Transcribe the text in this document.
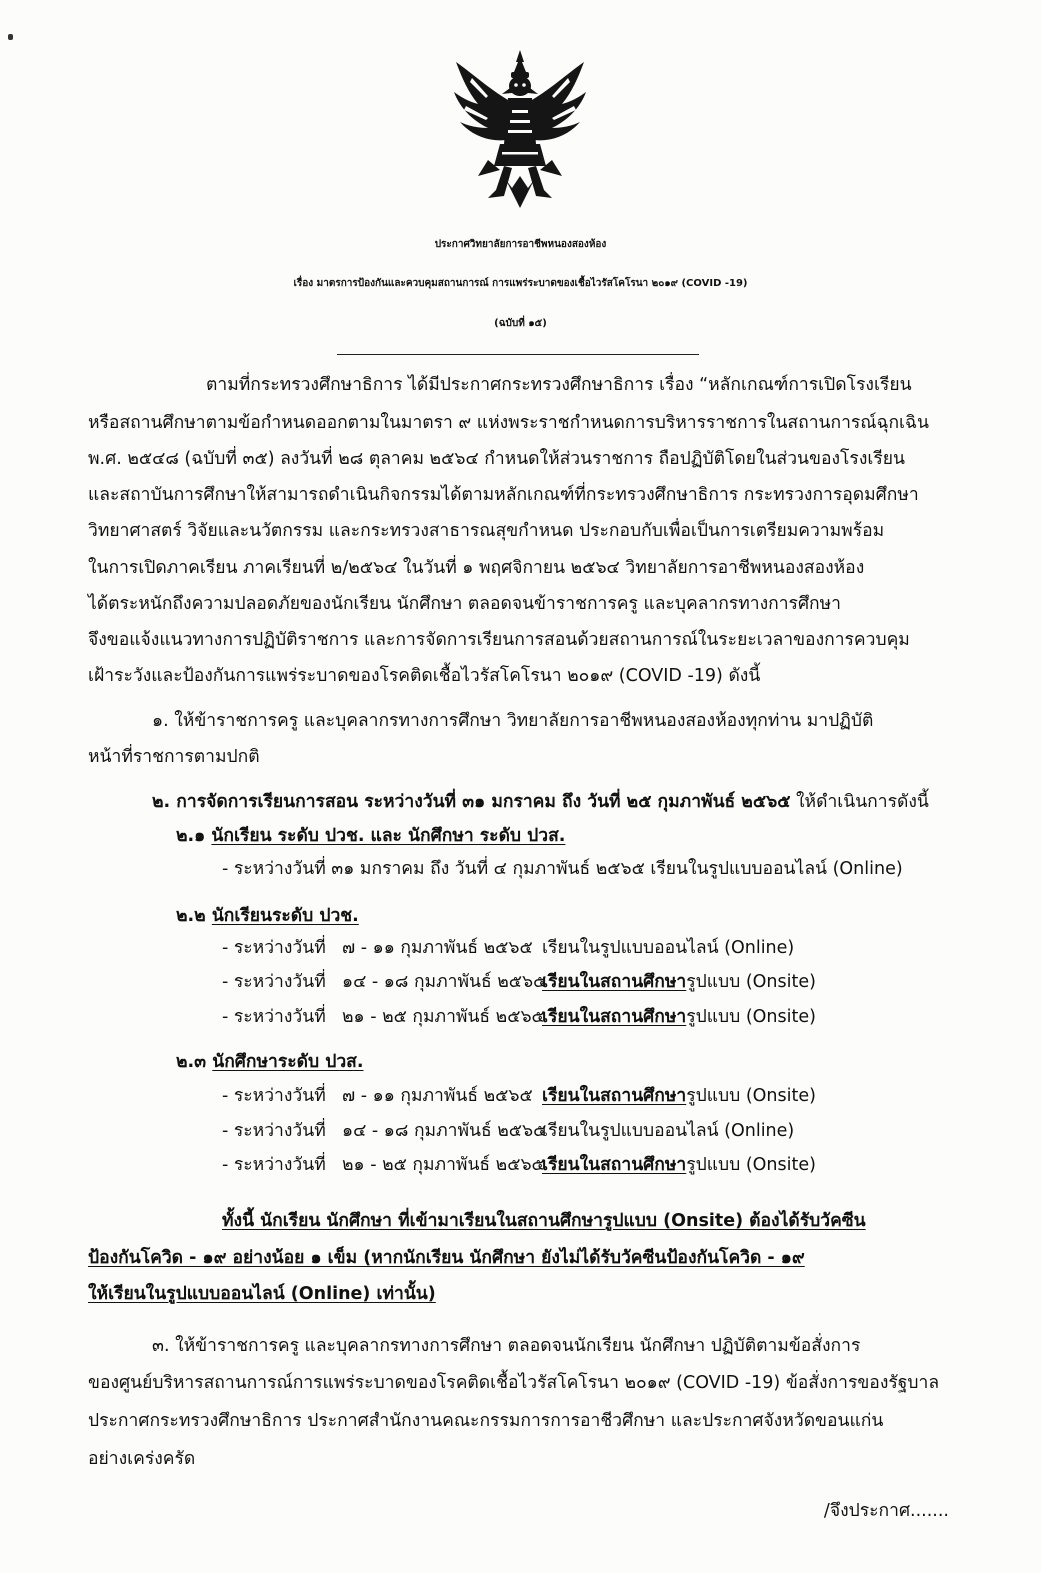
ประกาศวิทยาลัยการอาชีพหนองสองห้อง
เรื่อง มาตรการป้องกันและควบคุมสถานการณ์ การแพร่ระบาดของเชื้อไวรัสโคโรนา ๒๐๑๙ (COVID -19)
(ฉบับที่ ๑๕)
ตามที่กระทรวงศึกษาธิการ ได้มีประกาศกระทรวงศึกษาธิการ เรื่อง “หลักเกณฑ์การเปิดโรงเรียน
หรือสถานศึกษาตามข้อกำหนดออกตามในมาตรา ๙ แห่งพระราชกำหนดการบริหารราชการในสถานการณ์ฉุกเฉิน
พ.ศ. ๒๕๔๘ (ฉบับที่ ๓๕) ลงวันที่ ๒๘ ตุลาคม ๒๕๖๔ กำหนดให้ส่วนราชการ ถือปฏิบัติโดยในส่วนของโรงเรียน
และสถาบันการศึกษาให้สามารถดำเนินกิจกรรมได้ตามหลักเกณฑ์ที่กระทรวงศึกษาธิการ กระทรวงการอุดมศึกษา
วิทยาศาสตร์ วิจัยและนวัตกรรม และกระทรวงสาธารณสุขกำหนด ประกอบกับเพื่อเป็นการเตรียมความพร้อม
ในการเปิดภาคเรียน ภาคเรียนที่ ๒/๒๕๖๔ ในวันที่ ๑ พฤศจิกายน ๒๕๖๔ วิทยาลัยการอาชีพหนองสองห้อง
ได้ตระหนักถึงความปลอดภัยของนักเรียน นักศึกษา ตลอดจนข้าราชการครู และบุคลากรทางการศึกษา
จึงขอแจ้งแนวทางการปฏิบัติราชการ และการจัดการเรียนการสอนด้วยสถานการณ์ในระยะเวลาของการควบคุม
เฝ้าระวังและป้องกันการแพร่ระบาดของโรคติดเชื้อไวรัสโคโรนา ๒๐๑๙ (COVID -19) ดังนี้
๑. ให้ข้าราชการครู และบุคลากรทางการศึกษา วิทยาลัยการอาชีพหนองสองห้องทุกท่าน มาปฏิบัติ
หน้าที่ราชการตามปกติ
๒. การจัดการเรียนการสอน ระหว่างวันที่ ๓๑ มกราคม ถึง วันที่ ๒๕ กุมภาพันธ์ ๒๕๖๕ ให้ดำเนินการดังนี้
๒.๑ นักเรียน ระดับ ปวช. และ นักศึกษา ระดับ ปวส.
- ระหว่างวันที่ ๓๑ มกราคม ถึง วันที่ ๔ กุมภาพันธ์ ๒๕๖๕ เรียนในรูปแบบออนไลน์ (Online)
๒.๒ นักเรียนระดับ ปวช.
- ระหว่างวันที่ ๗ - ๑๑ กุมภาพันธ์ ๒๕๖๕ เรียนในรูปแบบออนไลน์ (Online)
- ระหว่างวันที่ ๑๔ - ๑๘ กุมภาพันธ์ ๒๕๖๕เรียนในสถานศึกษารูปแบบ (Onsite)
- ระหว่างวันที่ ๒๑ - ๒๕ กุมภาพันธ์ ๒๕๖๕เรียนในสถานศึกษารูปแบบ (Onsite)
๒.๓ นักศึกษาระดับ ปวส.
- ระหว่างวันที่ ๗ - ๑๑ กุมภาพันธ์ ๒๕๖๕ เรียนในสถานศึกษารูปแบบ (Onsite)
- ระหว่างวันที่ ๑๔ - ๑๘ กุมภาพันธ์ ๒๕๖๕เรียนในรูปแบบออนไลน์ (Online)
- ระหว่างวันที่ ๒๑ - ๒๕ กุมภาพันธ์ ๒๕๖๕เรียนในสถานศึกษารูปแบบ (Onsite)
ทั้งนี้ นักเรียน นักศึกษา ที่เข้ามาเรียนในสถานศึกษารูปแบบ (Onsite) ต้องได้รับวัคซีน
ป้องกันโควิด - ๑๙ อย่างน้อย ๑ เข็ม (หากนักเรียน นักศึกษา ยังไม่ได้รับวัคซีนป้องกันโควิด - ๑๙
ให้เรียนในรูปแบบออนไลน์ (Online) เท่านั้น)
๓. ให้ข้าราชการครู และบุคลากรทางการศึกษา ตลอดจนนักเรียน นักศึกษา ปฏิบัติตามข้อสั่งการ
ของศูนย์บริหารสถานการณ์การแพร่ระบาดของโรคติดเชื้อไวรัสโคโรนา ๒๐๑๙ (COVID -19) ข้อสั่งการของรัฐบาล
ประกาศกระทรวงศึกษาธิการ ประกาศสำนักงานคณะกรรมการการอาชีวศึกษา และประกาศจังหวัดขอนแก่น
อย่างเคร่งครัด
/จึงประกาศ.......
